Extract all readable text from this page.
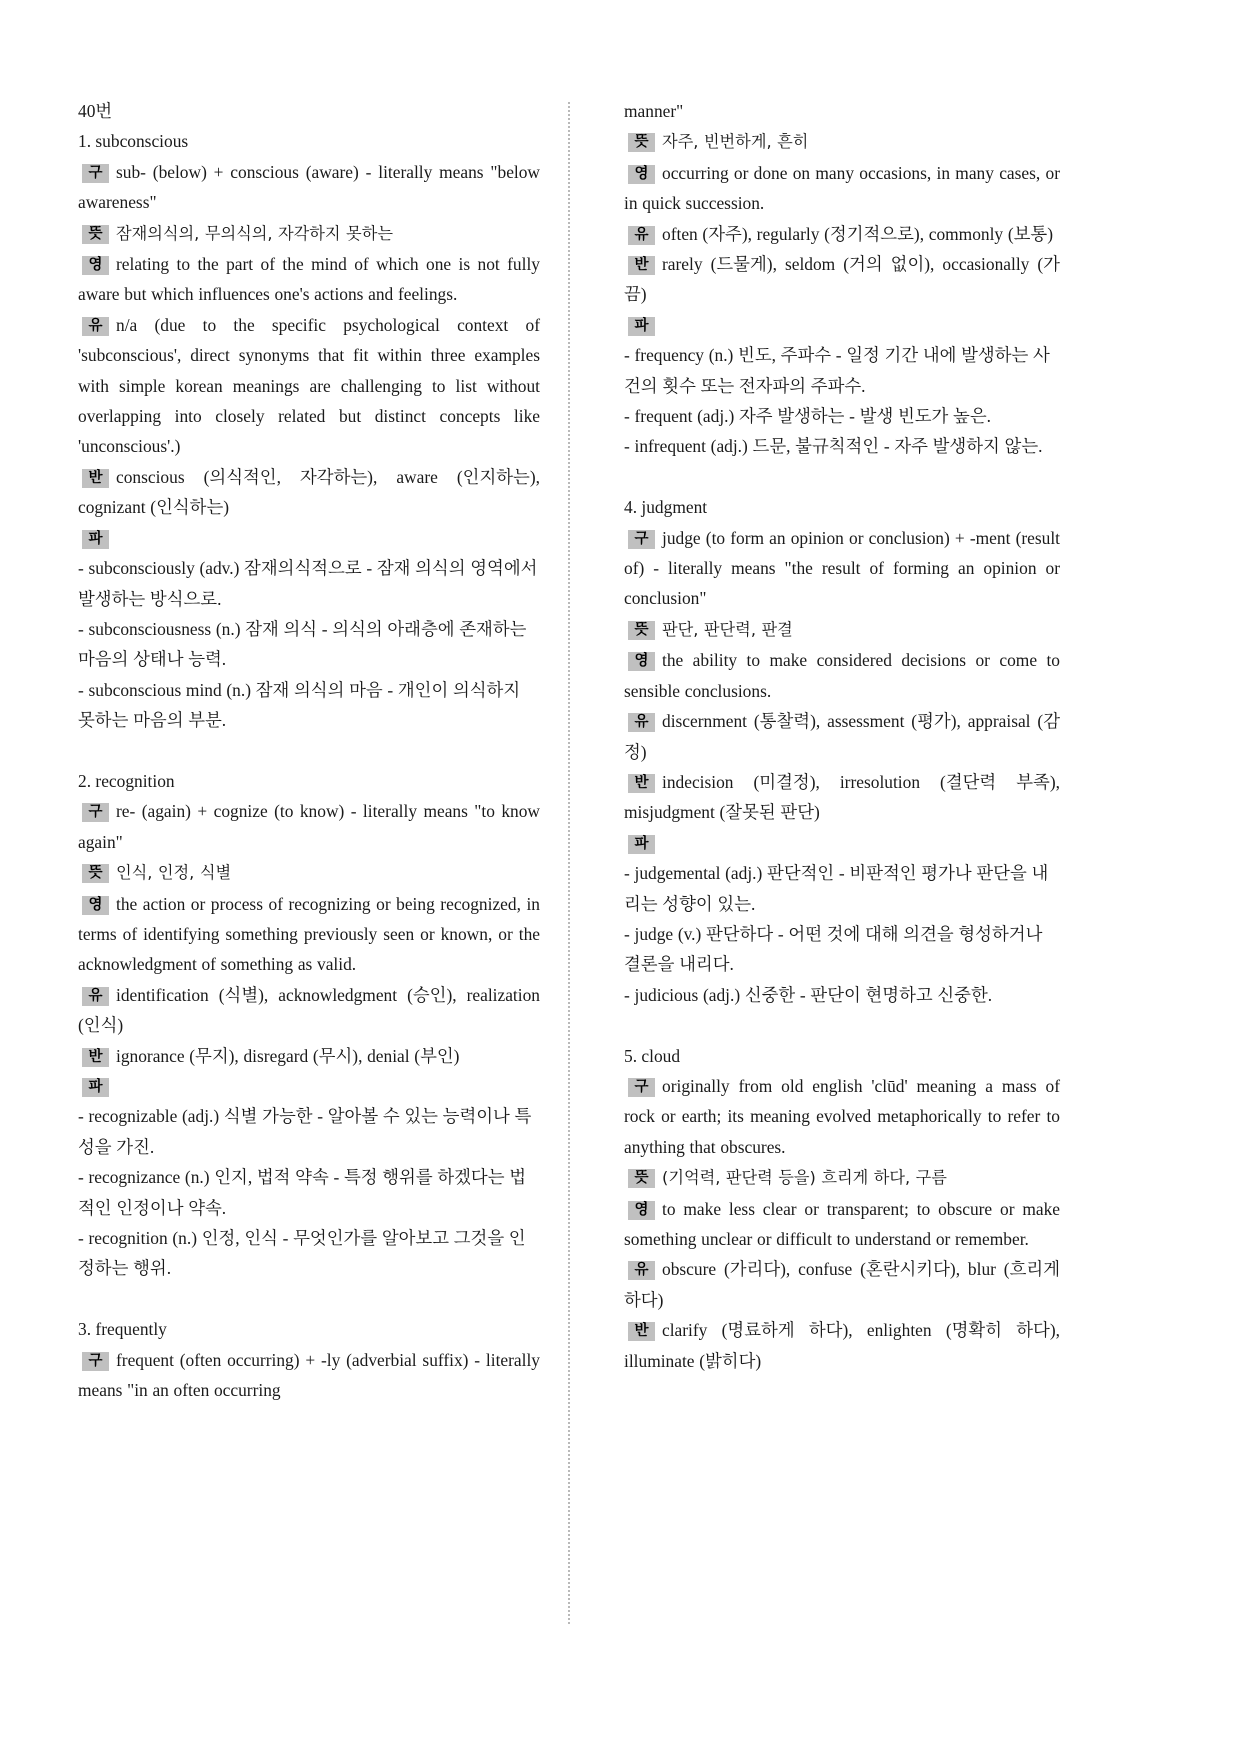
40번
1. subconscious
구 sub- (below) + conscious (aware) - literally means "below awareness"
뜻 잠재의식의, 무의식의, 자각하지 못하는
영 relating to the part of the mind of which one is not fully aware but which influences one's actions and feelings.
유 n/a (due to the specific psychological context of 'subconscious', direct synonyms that fit within three examples with simple korean meanings are challenging to list without overlapping into closely related but distinct concepts like 'unconscious'.)
반 conscious (의식적인, 자각하는), aware (인지하는), cognizant (인식하는)
파
- subconsciously (adv.) 잠재의식적으로 - 잠재 의식의 영역에서 발생하는 방식으로.
- subconsciousness (n.) 잠재 의식 - 의식의 아래층에 존재하는 마음의 상태나 능력.
- subconscious mind (n.) 잠재 의식의 마음 - 개인이 의식하지 못하는 마음의 부분.
2. recognition
구 re- (again) + cognize (to know) - literally means "to know again"
뜻 인식, 인정, 식별
영 the action or process of recognizing or being recognized, in terms of identifying something previously seen or known, or the acknowledgment of something as valid.
유 identification (식별), acknowledgment (승인), realization (인식)
반 ignorance (무지), disregard (무시), denial (부인)
파
- recognizable (adj.) 식별 가능한 - 알아볼 수 있는 능력이나 특성을 가진.
- recognizance (n.) 인지, 법적 약속 - 특정 행위를 하겠다는 법적인 인정이나 약속.
- recognition (n.) 인정, 인식 - 무엇인가를 알아보고 그것을 인정하는 행위.
3. frequently
구 frequent (often occurring) + -ly (adverbial suffix) - literally means "in an often occurring
manner"
뜻 자주, 빈번하게, 흔히
영 occurring or done on many occasions, in many cases, or in quick succession.
유 often (자주), regularly (정기적으로), commonly (보통)
반 rarely (드물게), seldom (거의 없이), occasionally (가끔)
파
- frequency (n.) 빈도, 주파수 - 일정 기간 내에 발생하는 사건의 횟수 또는 전자파의 주파수.
- frequent (adj.) 자주 발생하는 - 발생 빈도가 높은.
- infrequent (adj.) 드문, 불규칙적인 - 자주 발생하지 않는.
4. judgment
구 judge (to form an opinion or conclusion) + -ment (result of) - literally means "the result of forming an opinion or conclusion"
뜻 판단, 판단력, 판결
영 the ability to make considered decisions or come to sensible conclusions.
유 discernment (통찰력), assessment (평가), appraisal (감정)
반 indecision (미결정), irresolution (결단력 부족), misjudgment (잘못된 판단)
파
- judgemental (adj.) 판단적인 - 비판적인 평가나 판단을 내리는 성향이 있는.
- judge (v.) 판단하다 - 어떤 것에 대해 의견을 형성하거나 결론을 내리다.
- judicious (adj.) 신중한 - 판단이 현명하고 신중한.
5. cloud
구 originally from old english 'clūd' meaning a mass of rock or earth; its meaning evolved metaphorically to refer to anything that obscures.
뜻 (기억력, 판단력 등을) 흐리게 하다, 구름
영 to make less clear or transparent; to obscure or make something unclear or difficult to understand or remember.
유 obscure (가리다), confuse (혼란시키다), blur (흐리게 하다)
반 clarify (명료하게 하다), enlighten (명확히 하다), illuminate (밝히다)
